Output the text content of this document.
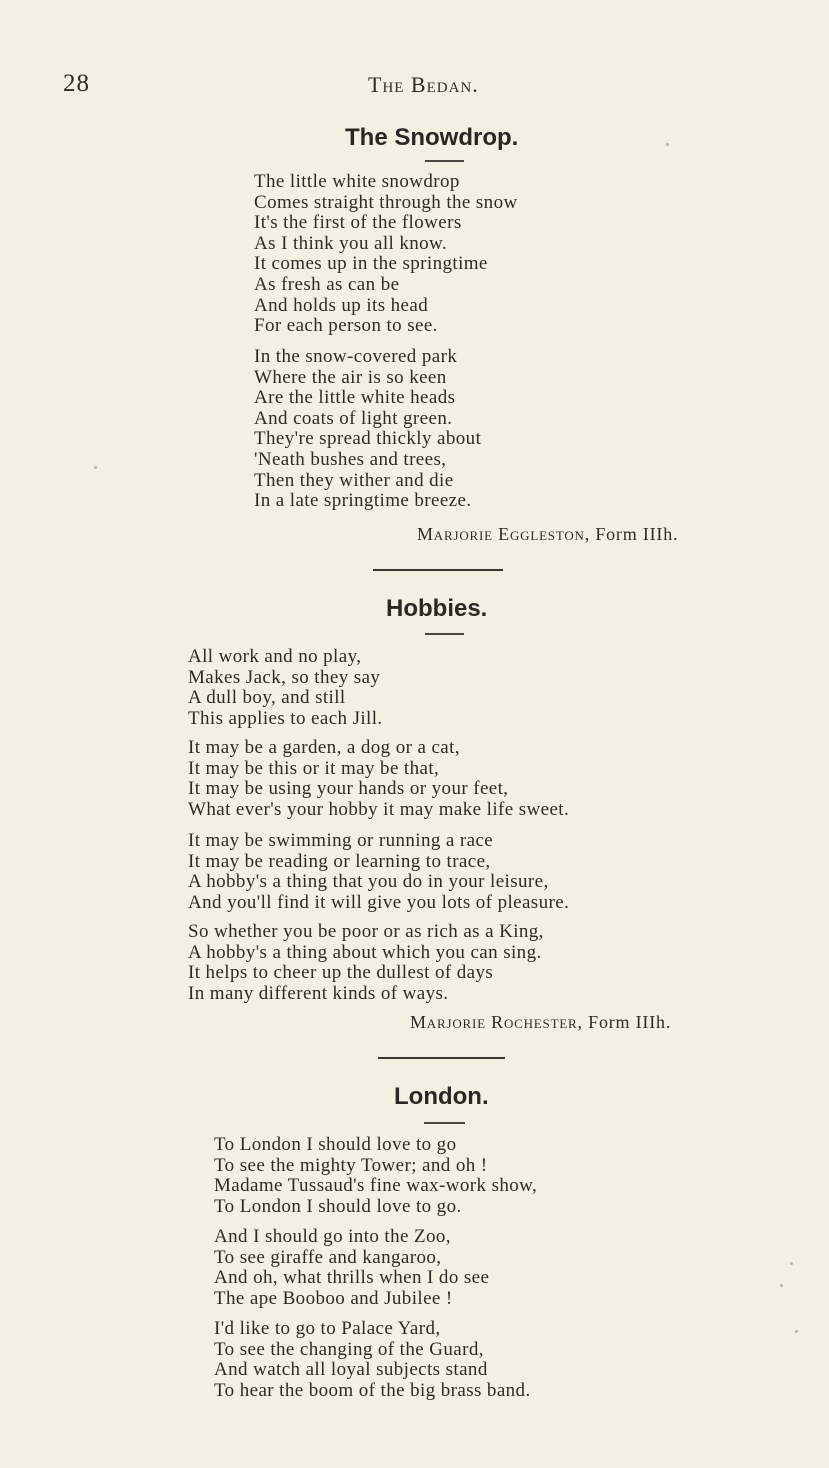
28	The Bedan.
The Snowdrop.
The little white snowdrop
Comes straight through the snow
It's the first of the flowers
As I think you all know.
It comes up in the springtime
As fresh as can be
And holds up its head
For each person to see.
In the snow-covered park
Where the air is so keen
Are the little white heads
And coats of light green.
They're spread thickly about
'Neath bushes and trees,
Then they wither and die
In a late springtime breeze.
Marjorie Eggleston, Form IIIh.
Hobbies.
All work and no play,
Makes Jack, so they say
A dull boy, and still
This applies to each Jill.
It may be a garden, a dog or a cat,
It may be this or it may be that,
It may be using your hands or your feet,
What ever's your hobby it may make life sweet.
It may be swimming or running a race
It may be reading or learning to trace,
A hobby's a thing that you do in your leisure,
And you'll find it will give you lots of pleasure.
So whether you be poor or as rich as a King,
A hobby's a thing about which you can sing.
It helps to cheer up the dullest of days
In many different kinds of ways.
Marjorie Rochester, Form IIIh.
London.
To London I should love to go
To see the mighty Tower; and oh !
Madame Tussaud's fine wax-work show,
To London I should love to go.
And I should go into the Zoo,
To see giraffe and kangaroo,
And oh, what thrills when I do see
The ape Booboo and Jubilee !
I'd like to go to Palace Yard,
To see the changing of the Guard,
And watch all loyal subjects stand
To hear the boom of the big brass band.
